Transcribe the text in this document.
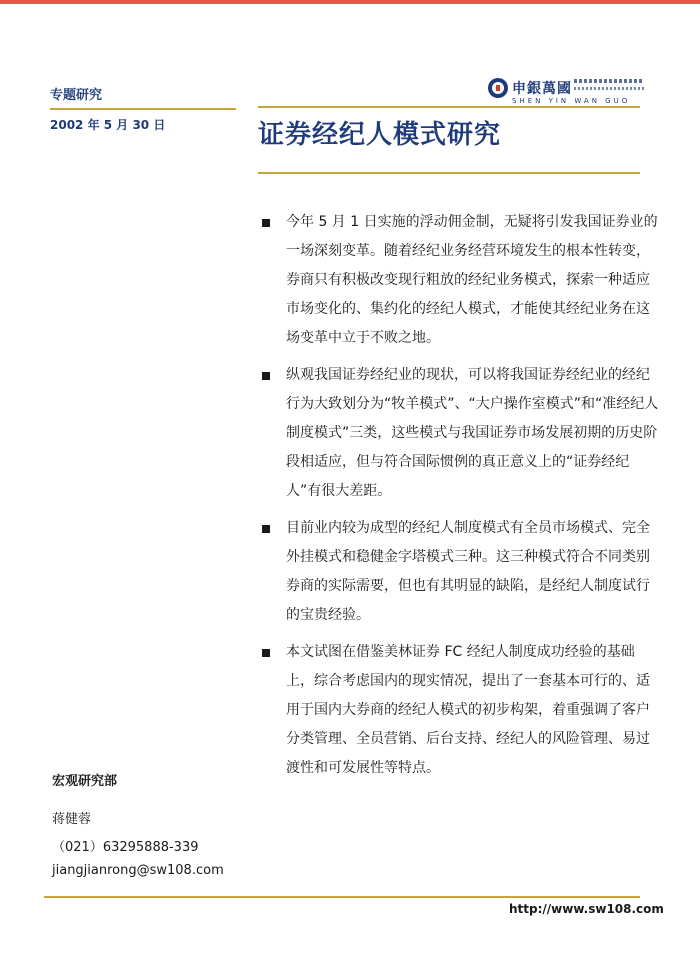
专题研究	申銀萬國
SHEN YIN WAN GUO
2002 年 5 月 30 日	证券经纪人模式研究
今年 5 月 1 日实施的浮动佣金制，无疑将引发我国证券业的一场深刻变革。随着经纪业务经营环境发生的根本性转变，券商只有积极改变现行粗放的经纪业务模式，探索一种适应市场变化的、集约化的经纪人模式，才能使其经纪业务在这场变革中立于不败之地。
纵观我国证券经纪业的现状，可以将我国证券经纪业的经纪行为大致划分为“牧羊模式”、“大户操作室模式”和“准经纪人制度模式”三类，这些模式与我国证券市场发展初期的历史阶段相适应，但与符合国际惯例的真正意义上的“证券经纪人”有很大差距。
目前业内较为成型的经纪人制度模式有全员市场模式、完全外挂模式和稳健金字塔模式三种。这三种模式符合不同类别券商的实际需要，但也有其明显的缺陷，是经纪人制度试行的宝贵经验。
本文试图在借鉴美林证券 FC 经纪人制度成功经验的基础上，综合考虑国内的现实情况，提出了一套基本可行的、适用于国内大券商的经纪人模式的初步构架，着重强调了客户分类管理、全员营销、后台支持、经纪人的风险管理、易过渡性和可发展性等特点。
宏观研究部
蒋健蓉
（021）63295888-339
jiangjianrong@sw108.com
http://www.sw108.com
